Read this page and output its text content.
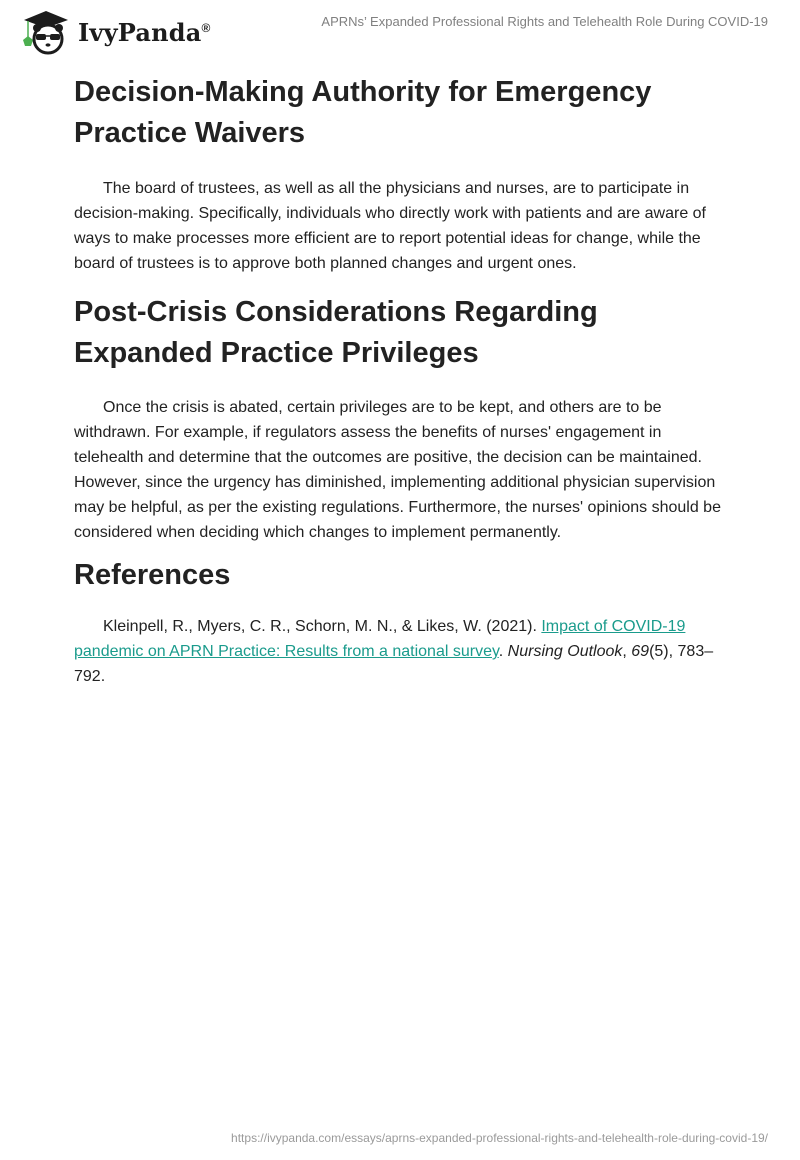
IvyPanda®	APRNs’ Expanded Professional Rights and Telehealth Role During COVID-19
Decision-Making Authority for Emergency Practice Waivers

The board of trustees, as well as all the physicians and nurses, are to participate in decision-making. Specifically, individuals who directly work with patients and are aware of ways to make processes more efficient are to report potential ideas for change, while the board of trustees is to approve both planned changes and urgent ones.

Post-Crisis Considerations Regarding Expanded Practice Privileges

Once the crisis is abated, certain privileges are to be kept, and others are to be withdrawn. For example, if regulators assess the benefits of nurses' engagement in telehealth and determine that the outcomes are positive, the decision can be maintained. However, since the urgency has diminished, implementing additional physician supervision may be helpful, as per the existing regulations. Furthermore, the nurses' opinions should be considered when deciding which changes to implement permanently.

References

Kleinpell, R., Myers, C. R., Schorn, M. N., & Likes, W. (2021). Impact of COVID-19 pandemic on APRN Practice: Results from a national survey. Nursing Outlook, 69(5), 783–792.

https://ivypanda.com/essays/aprns-expanded-professional-rights-and-telehealth-role-during-covid-19/
